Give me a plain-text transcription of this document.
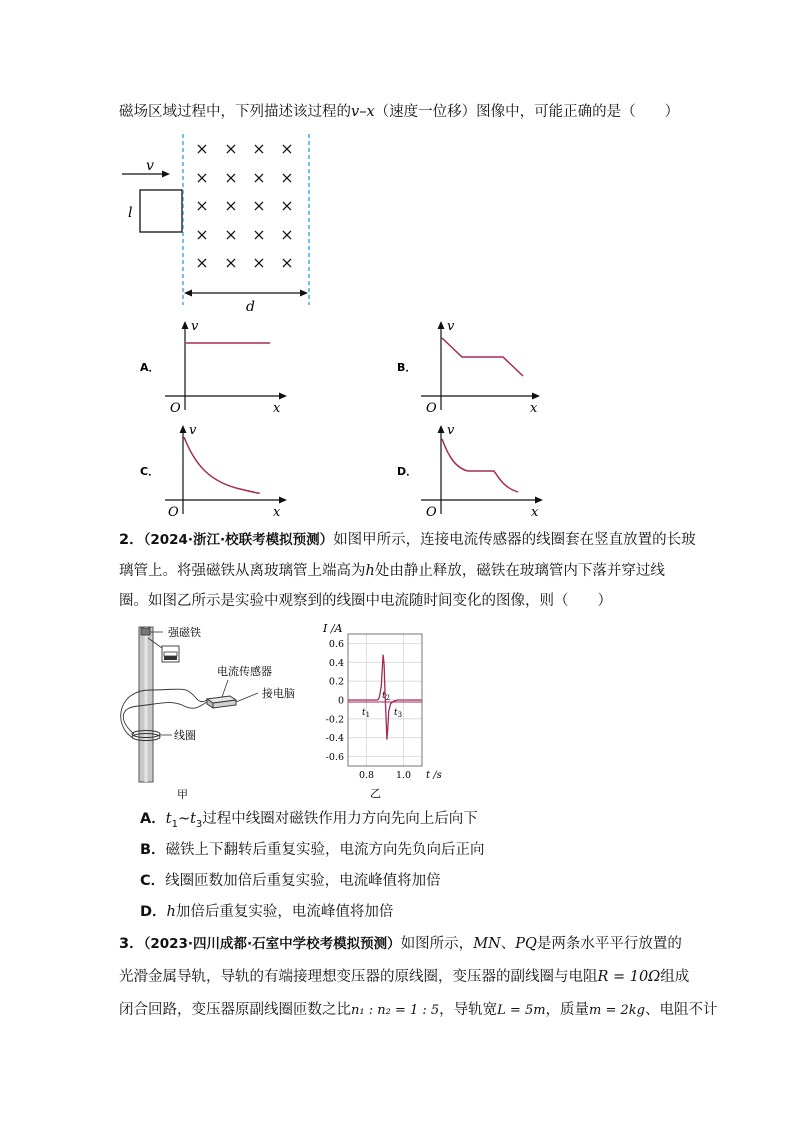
磁场区域过程中，下列描述该过程的v–x（速度一位移）图像中，可能正确的是（　　）
v
l
× × × ×
× × × ×
× × × ×
× × × ×
× × × ×
d
A．
v
x
O
B．
v
x
O
C．
v
x
O
D．
v
x
O
2．（2024·浙江·校联考模拟预测）如图甲所示，连接电流传感器的线圈套在竖直放置的长玻
璃管上。将强磁铁从离玻璃管上端高为h处由静止释放，磁铁在玻璃管内下落并穿过线
圈。如图乙所示是实验中观察到的线圈中电流随时间变化的图像，则（　　）
强磁铁
线圈
电流传感器
接电脑
甲
0.6
0.4
0.2
0
-0.2
-0.4
-0.6
0.8 1.0
I /A
t /s
$t_1$
$t_2$
$t_3$
乙
A．$t_1\sim t_3$过程中线圈对磁铁作用力方向先向上后向下
B．磁铁上下翻转后重复实验，电流方向先负向后正向
C．线圈匝数加倍后重复实验，电流峰值将加倍
D．h加倍后重复实验，电流峰值将加倍
3．（2023·四川成都·石室中学校考模拟预测）如图所示，MN、PQ是两条水平平行放置的
光滑金属导轨，导轨的有端接理想变压器的原线圈，变压器的副线圈与电阻R = 10Ω组成
闭合回路，变压器原副线圈匝数之比n₁ : n₂ = 1 : 5，导轨宽L = 5m，质量m = 2kg、电阻不计
